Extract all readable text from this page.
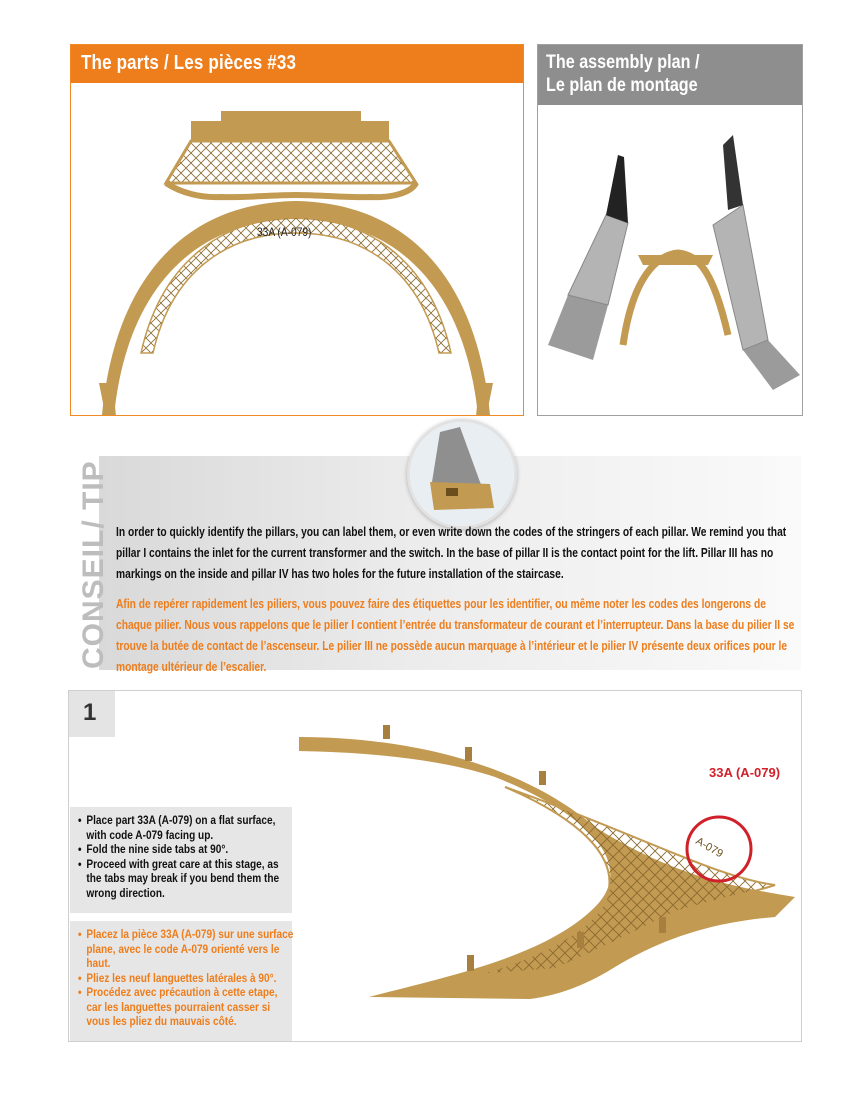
The parts / Les pièces #33
33A (A-079)
The assembly plan /
Le plan de montage
CONSEIL/ TIP In order to quickly identify the pillars, you can label them, or even write down the codes of the stringers of each pillar. We remind you that pillar I contains the inlet for the current transformer and the switch. In the base of pillar II is the contact point for the lift. Pillar III has no markings on the inside and pillar IV has two holes for the future installation of the staircase.
Afin de repérer rapidement les piliers, vous pouvez faire des étiquettes pour les identifier, ou même noter les codes des longerons de chaque pilier. Nous vous rappelons que le pilier I contient l’entrée du transformateur de courant et l’interrupteur. Dans la base du pilier II se trouve la butée de contact de l’ascenseur. Le pilier III ne possède aucun marquage à l’intérieur et le pilier IV présente deux orifices pour le montage ultérieur de l’escalier.
1
• Place part 33A (A-079) on a flat surface, with code A-079 facing up.
• Fold the nine side tabs at 90°.
• Proceed with great care at this stage, as the tabs may break if you bend them the wrong direction.
• Placez la pièce 33A (A-079) sur une surface plane, avec le code A-079 orienté vers le haut.
• Pliez les neuf languettes latérales à 90°.
• Procédez avec précaution à cette etape, car les languettes pourraient casser si vous les pliez du mauvais côté.
A-079
33A (A-079)
